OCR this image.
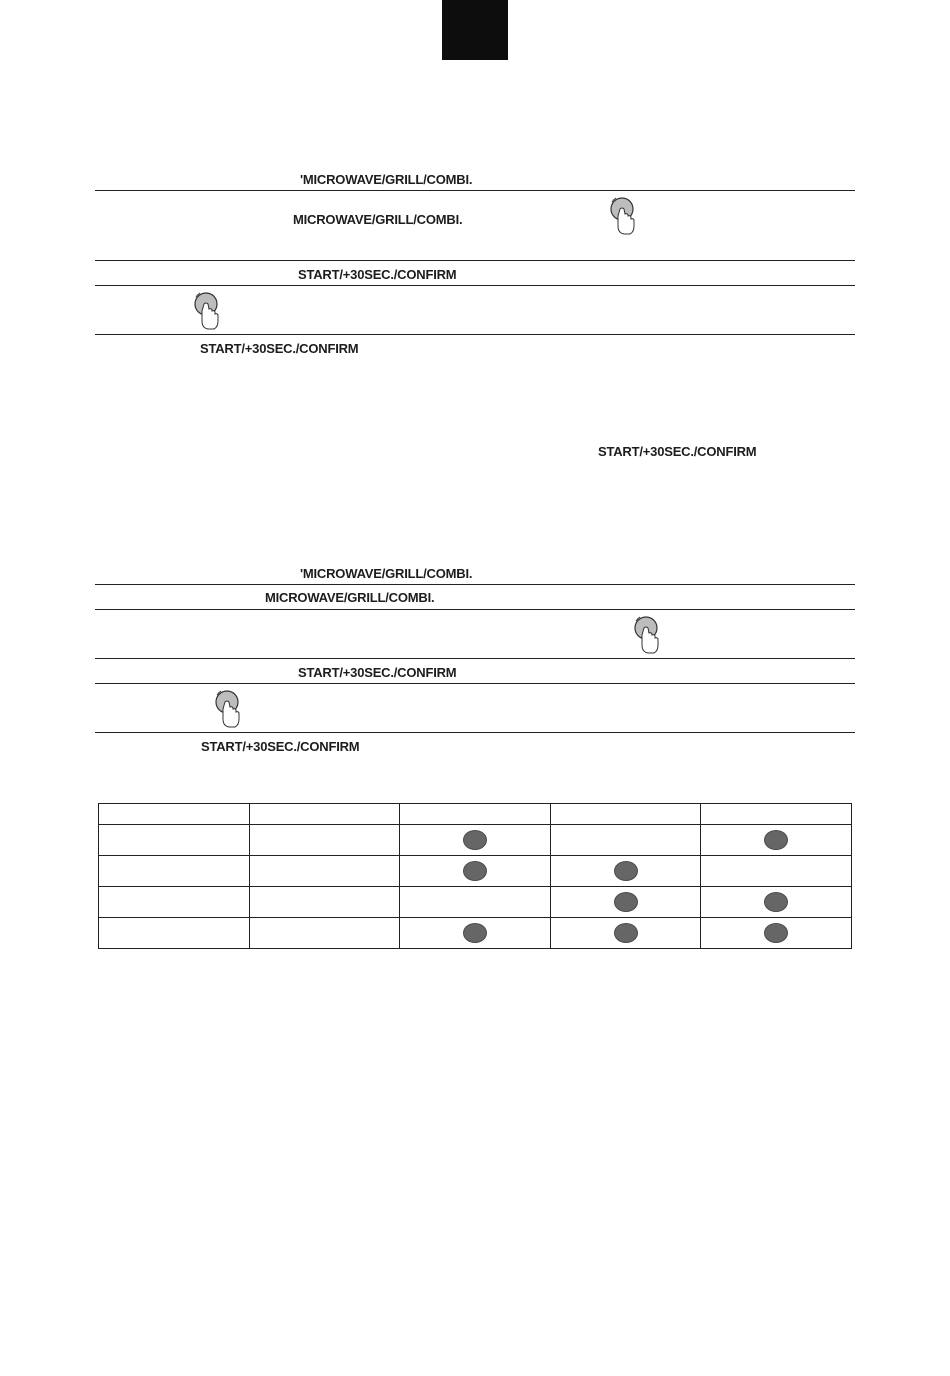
'MICROWAVE/GRILL/COMBI.
MICROWAVE/GRILL/COMBI.
START/+30SEC./CONFIRM
START/+30SEC./CONFIRM
START/+30SEC./CONFIRM
'MICROWAVE/GRILL/COMBI.
MICROWAVE/GRILL/COMBI.
START/+30SEC./CONFIRM
START/+30SEC./CONFIRM
